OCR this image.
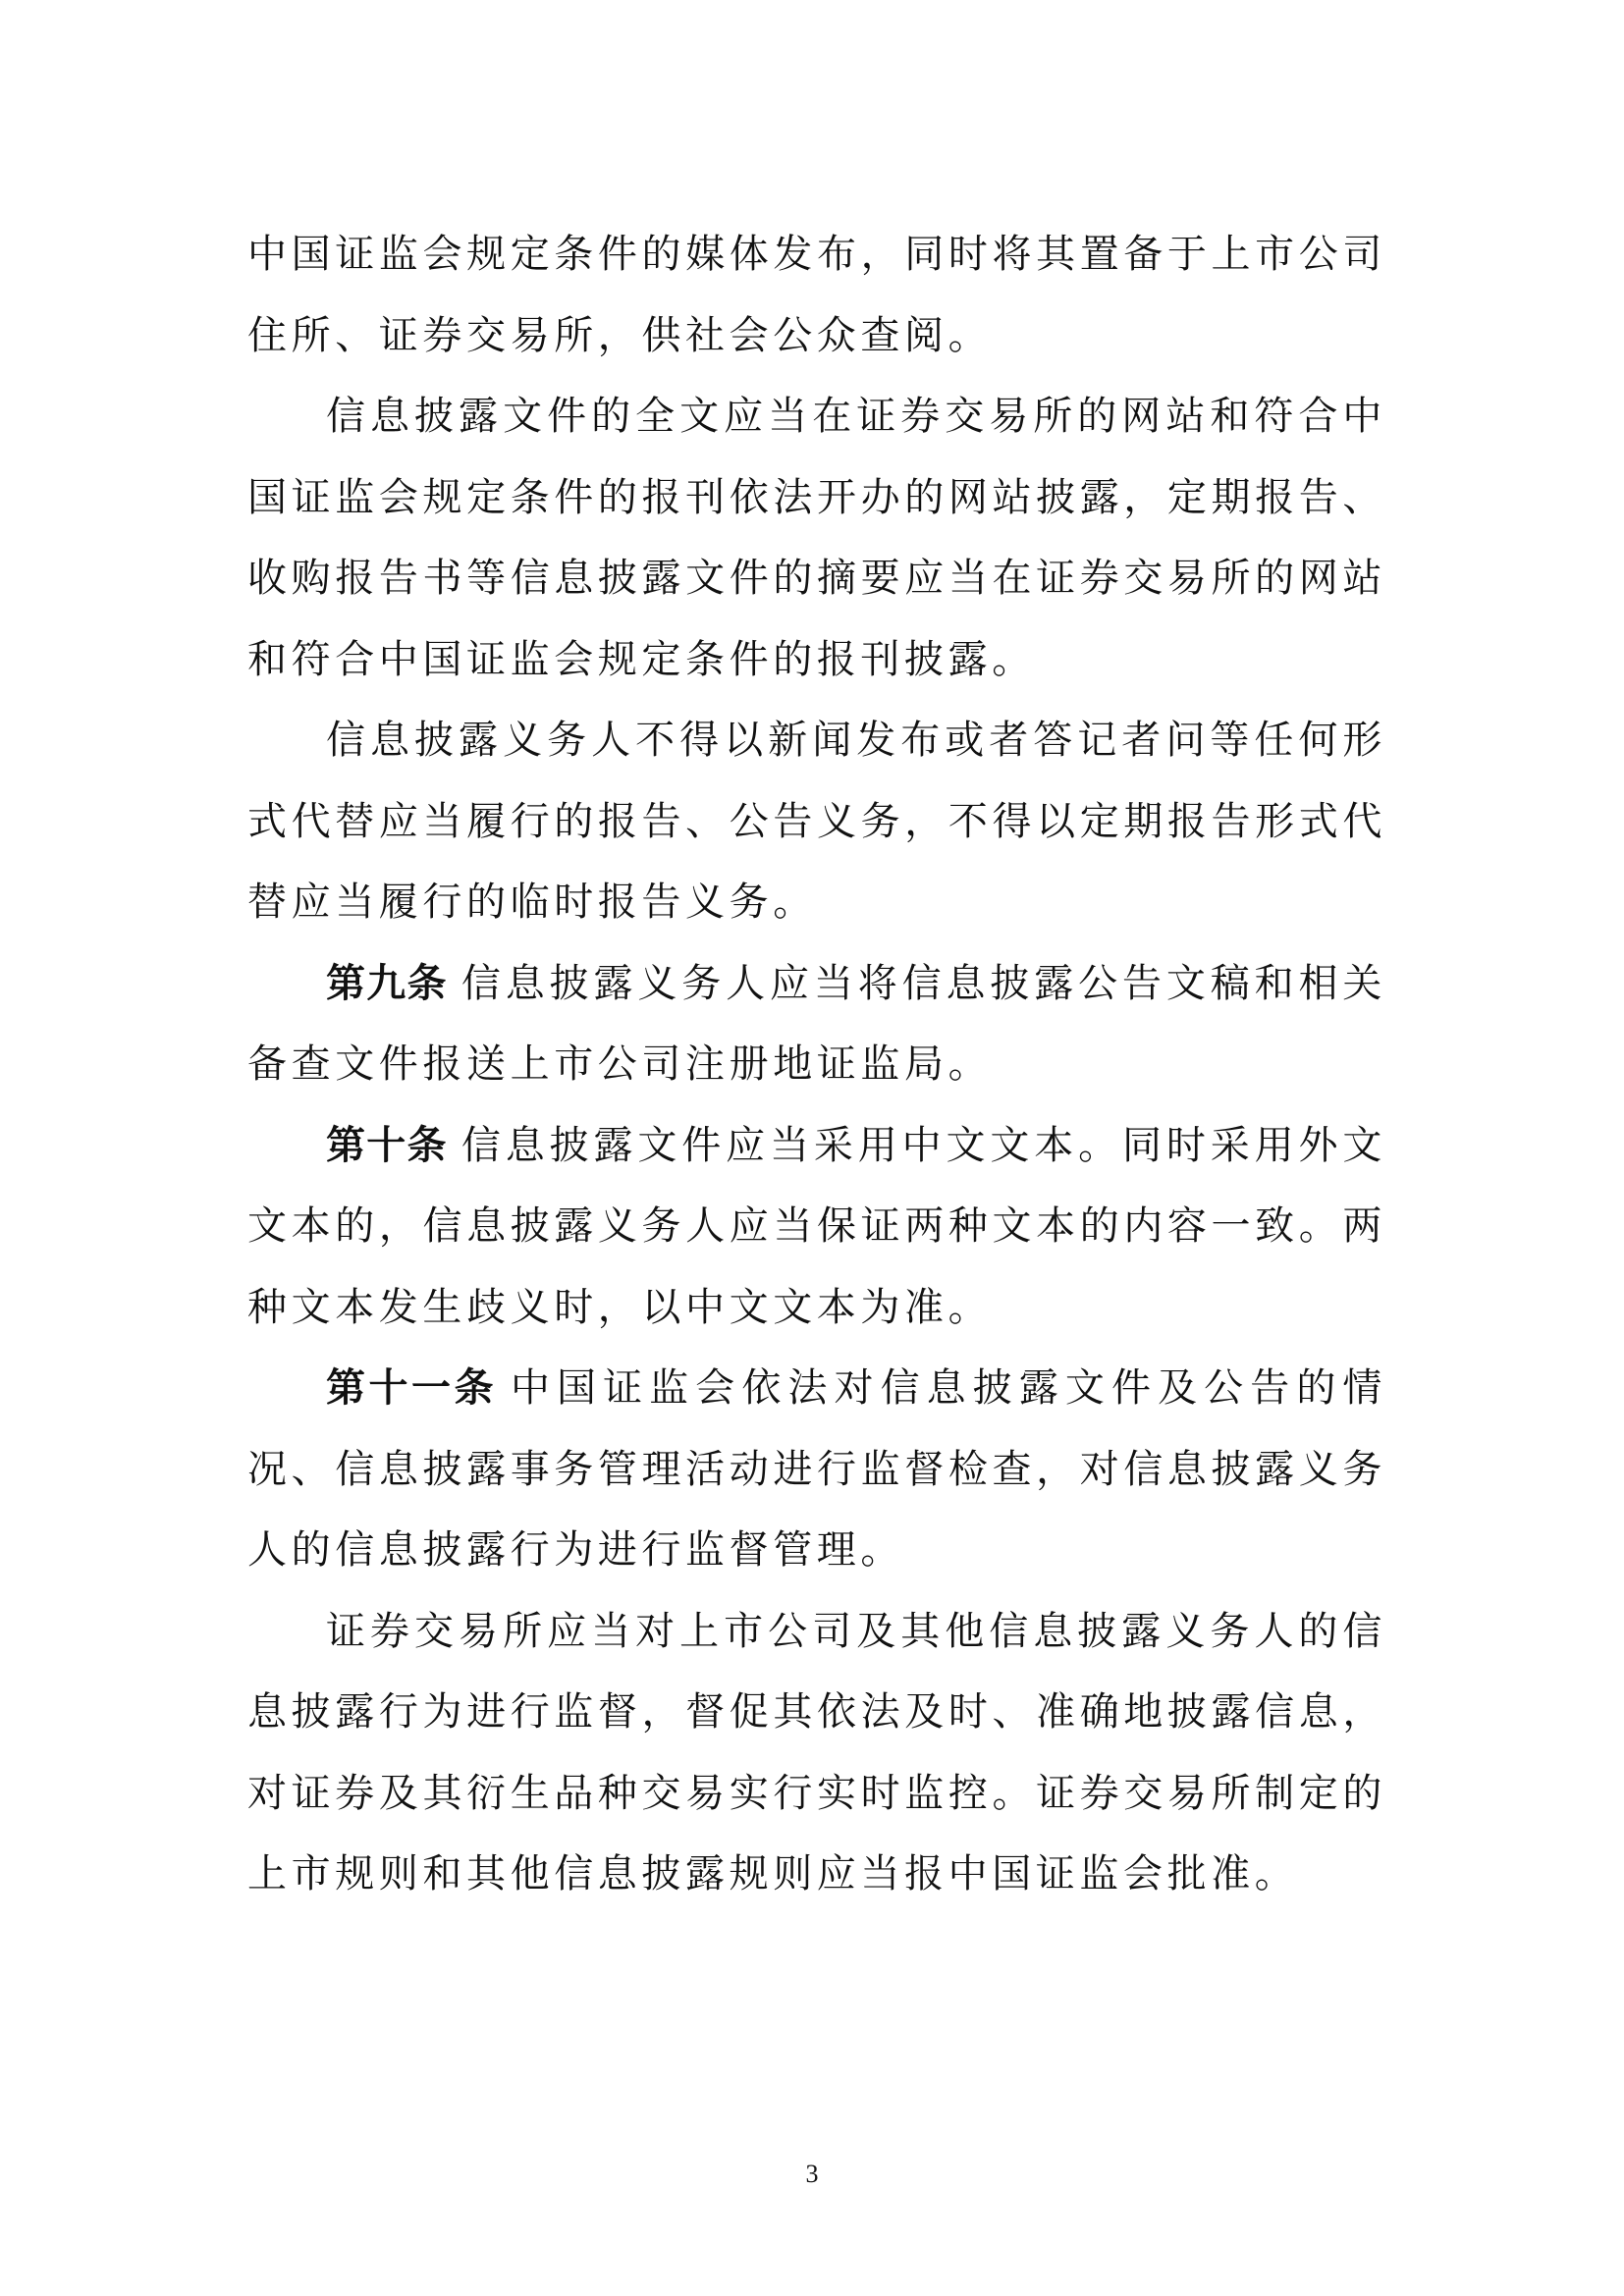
中国证监会规定条件的媒体发布，同时将其置备于上市公司住所、证券交易所，供社会公众查阅。

信息披露文件的全文应当在证券交易所的网站和符合中国证监会规定条件的报刊依法开办的网站披露，定期报告、收购报告书等信息披露文件的摘要应当在证券交易所的网站和符合中国证监会规定条件的报刊披露。

信息披露义务人不得以新闻发布或者答记者问等任何形式代替应当履行的报告、公告义务，不得以定期报告形式代替应当履行的临时报告义务。

第九条 信息披露义务人应当将信息披露公告文稿和相关备查文件报送上市公司注册地证监局。

第十条 信息披露文件应当采用中文文本。同时采用外文文本的，信息披露义务人应当保证两种文本的内容一致。两种文本发生歧义时，以中文文本为准。

第十一条 中国证监会依法对信息披露文件及公告的情况、信息披露事务管理活动进行监督检查，对信息披露义务人的信息披露行为进行监督管理。

证券交易所应当对上市公司及其他信息披露义务人的信息披露行为进行监督，督促其依法及时、准确地披露信息，对证券及其衍生品种交易实行实时监控。证券交易所制定的上市规则和其他信息披露规则应当报中国证监会批准。

3
